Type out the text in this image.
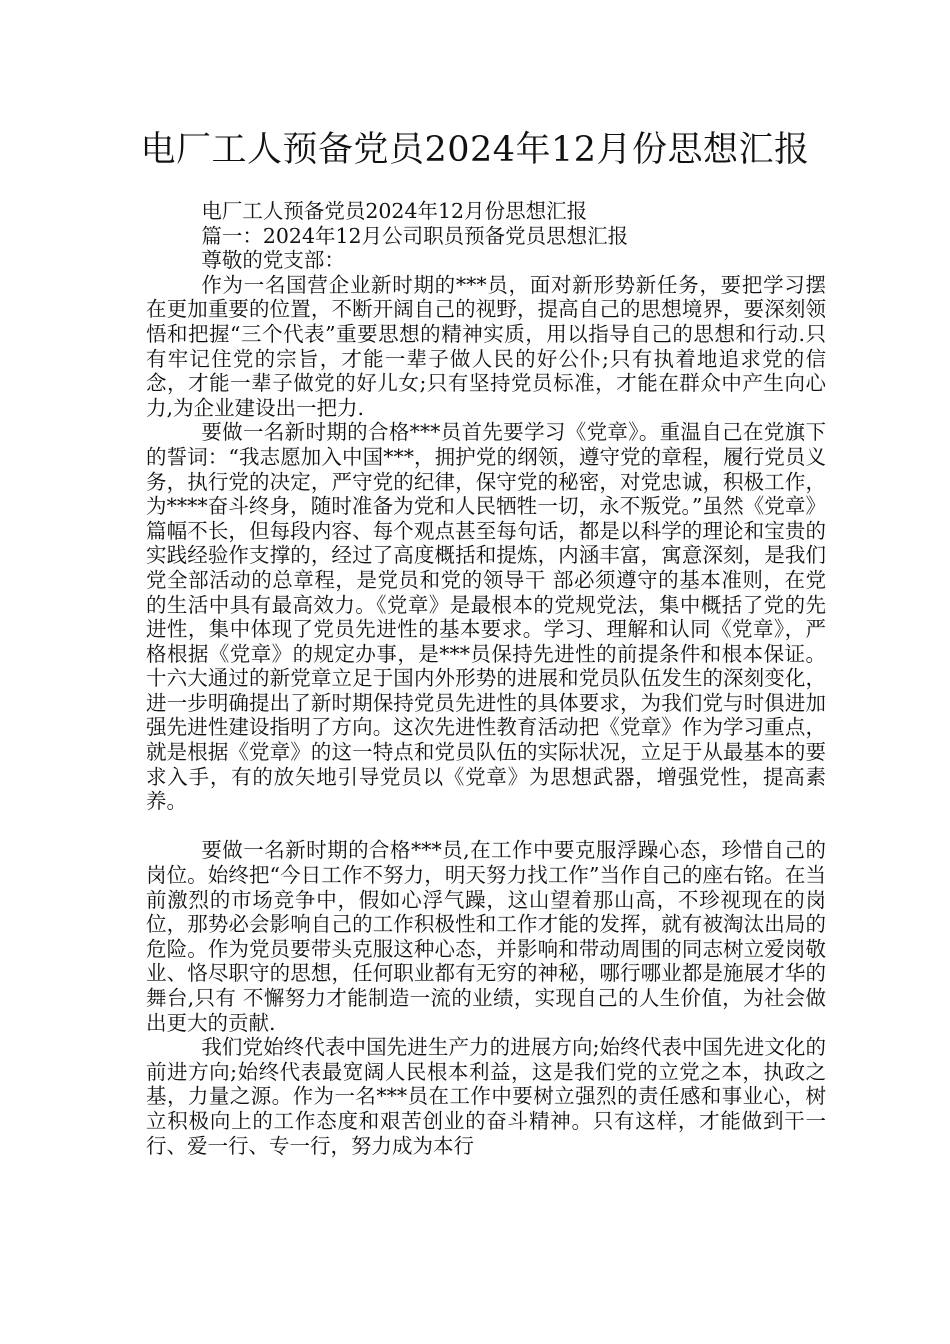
电厂工人预备党员2024年12月份思想汇报

电厂工人预备党员2024年12月份思想汇报

篇一：2024年12月公司职员预备党员思想汇报

尊敬的党支部：

作为一名国营企业新时期的***员，面对新形势新任务，要把学习摆在更加重要的位置，不断开阔自己的视野，提高自己的思想境界，要深刻领悟和把握“三个代表”重要思想的精神实质，用以指导自己的思想和行动.只有牢记住党的宗旨，才能一辈子做人民的好公仆;只有执着地追求党的信念，才能一辈子做党的好儿女;只有坚持党员标准，才能在群众中产生向心力,为企业建设出一把力.

要做一名新时期的合格***员首先要学习《党章》。重温自己在党旗下的誓词：“我志愿加入中国***，拥护党的纲领，遵守党的章程，履行党员义务，执行党的决定，严守党的纪律，保守党的秘密，对党忠诚，积极工作，为****奋斗终身，随时准备为党和人民牺牲一切，永不叛党。”虽然《党章》篇幅不长，但每段内容、每个观点甚至每句话，都是以科学的理论和宝贵的实践经验作支撑的，经过了高度概括和提炼，内涵丰富，寓意深刻，是我们党全部活动的总章程，是党员和党的领导干 部必须遵守的基本准则，在党的生活中具有最高效力。《党章》是最根本的党规党法，集中概括了党的先进性，集中体现了党员先进性的基本要求。学习、理解和认同《党章》，严格根据《党章》的规定办事，是***员保持先进性的前提条件和根本保证。十六大通过的新党章立足于国内外形势的进展和党员队伍发生的深刻变化，进一步明确提出了新时期保持党员先进性的具体要求，为我们党与时俱进加强先进性建设指明了方向。这次先进性教育活动把《党章》作为学习重点，就是根据《党章》的这一特点和党员队伍的实际状况，立足于从最基本的要求入手，有的放矢地引导党员以《党章》为思想武器，增强党性，提高素养。

要做一名新时期的合格***员,在工作中要克服浮躁心态，珍惜自己的岗位。始终把“今日工作不努力，明天努力找工作”当作自己的座右铭。在当前激烈的市场竞争中，假如心浮气躁，这山望着那山高，不珍视现在的岗位，那势必会影响自己的工作积极性和工作才能的发挥，就有被淘汰出局的危险。作为党员要带头克服这种心态，并影响和带动周围的同志树立爱岗敬业、恪尽职守的思想，任何职业都有无穷的神秘，哪行哪业都是施展才华的舞台,只有 不懈努力才能制造一流的业绩，实现自己的人生价值，为社会做出更大的贡献.

我们党始终代表中国先进生产力的进展方向;始终代表中国先进文化的前进方向;始终代表最宽阔人民根本利益，这是我们党的立党之本，执政之基，力量之源。作为一名***员在工作中要树立强烈的责任感和事业心，树立积极向上的工作态度和艰苦创业的奋斗精神。只有这样，才能做到干一行、爱一行、专一行，努力成为本行
